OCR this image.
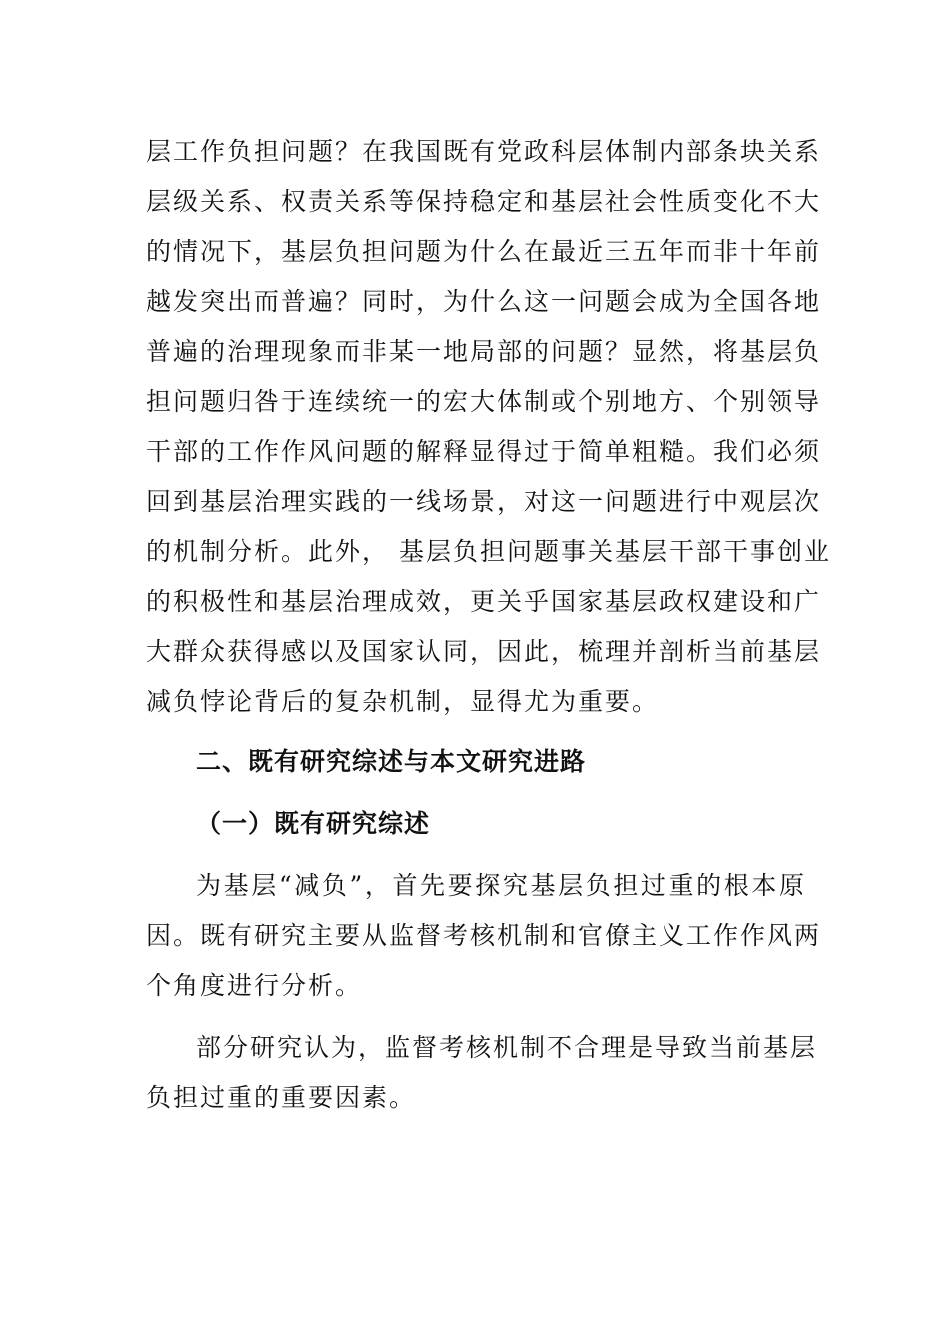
层工作负担问题？在我国既有党政科层体制内部条块关系
层级关系、权责关系等保持稳定和基层社会性质变化不大
的情况下，基层负担问题为什么在最近三五年而非十年前
越发突出而普遍？同时，为什么这一问题会成为全国各地
普遍的治理现象而非某一地局部的问题？显然，将基层负
担问题归咎于连续统一的宏大体制或个别地方、个别领导
干部的工作作风问题的解释显得过于简单粗糙。我们必须
回到基层治理实践的一线场景，对这一问题进行中观层次
的机制分析。此外， 基层负担问题事关基层干部干事创业
的积极性和基层治理成效，更关乎国家基层政权建设和广
大群众获得感以及国家认同，因此，梳理并剖析当前基层
减负悖论背后的复杂机制，显得尤为重要。
二、既有研究综述与本文研究进路
（一）既有研究综述
为基层“减负”，首先要探究基层负担过重的根本原
因。既有研究主要从监督考核机制和官僚主义工作作风两
个角度进行分析。
部分研究认为，监督考核机制不合理是导致当前基层
负担过重的重要因素。
